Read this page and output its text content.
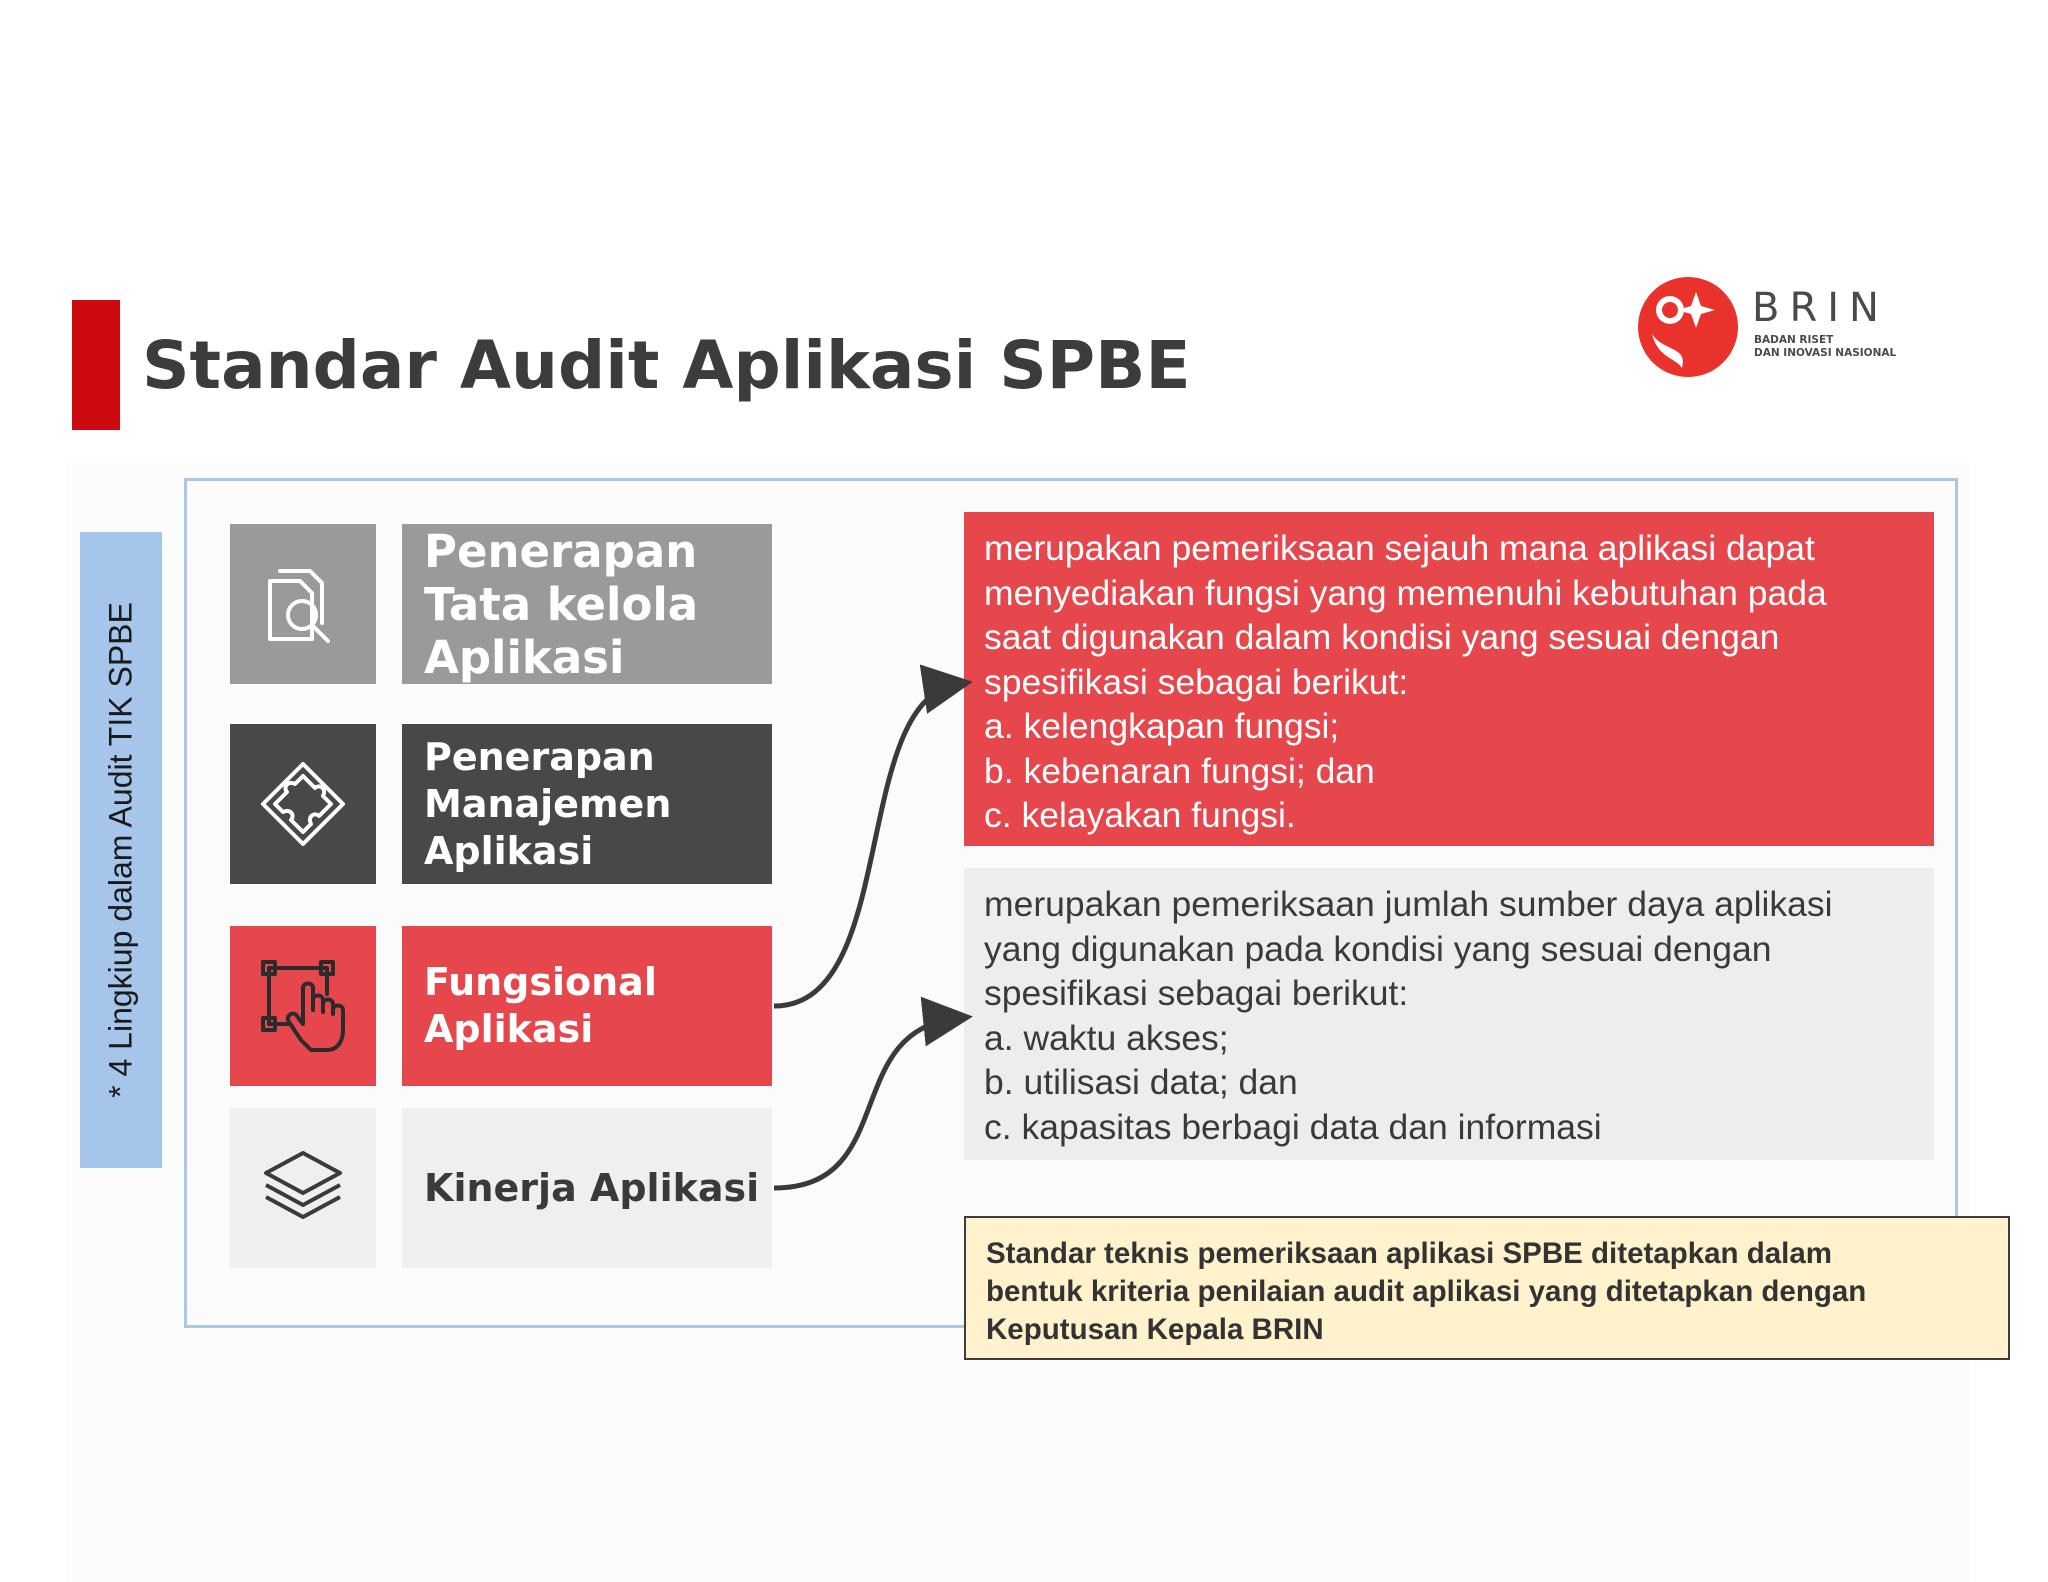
Standar Audit Aplikasi SPBE
BRIN
BADAN RISET
DAN INOVASI NASIONAL
* 4 Lingkiup dalam Audit TIK SPBE
Penerapan
Tata kelola
Aplikasi
Penerapan
Manajemen
Aplikasi
Fungsional
Aplikasi
Kinerja Aplikasi
merupakan pemeriksaan sejauh mana aplikasi dapat
menyediakan fungsi yang memenuhi kebutuhan pada
saat digunakan dalam kondisi yang sesuai dengan
spesifikasi sebagai berikut:
a. kelengkapan fungsi;
b. kebenaran fungsi; dan
c. kelayakan fungsi.
merupakan pemeriksaan jumlah sumber daya aplikasi
yang digunakan pada kondisi yang sesuai dengan
spesifikasi sebagai berikut:
a. waktu akses;
b. utilisasi data; dan
c. kapasitas berbagi data dan informasi
Standar teknis pemeriksaan aplikasi SPBE ditetapkan dalam
bentuk kriteria penilaian audit aplikasi yang ditetapkan dengan
Keputusan Kepala BRIN
